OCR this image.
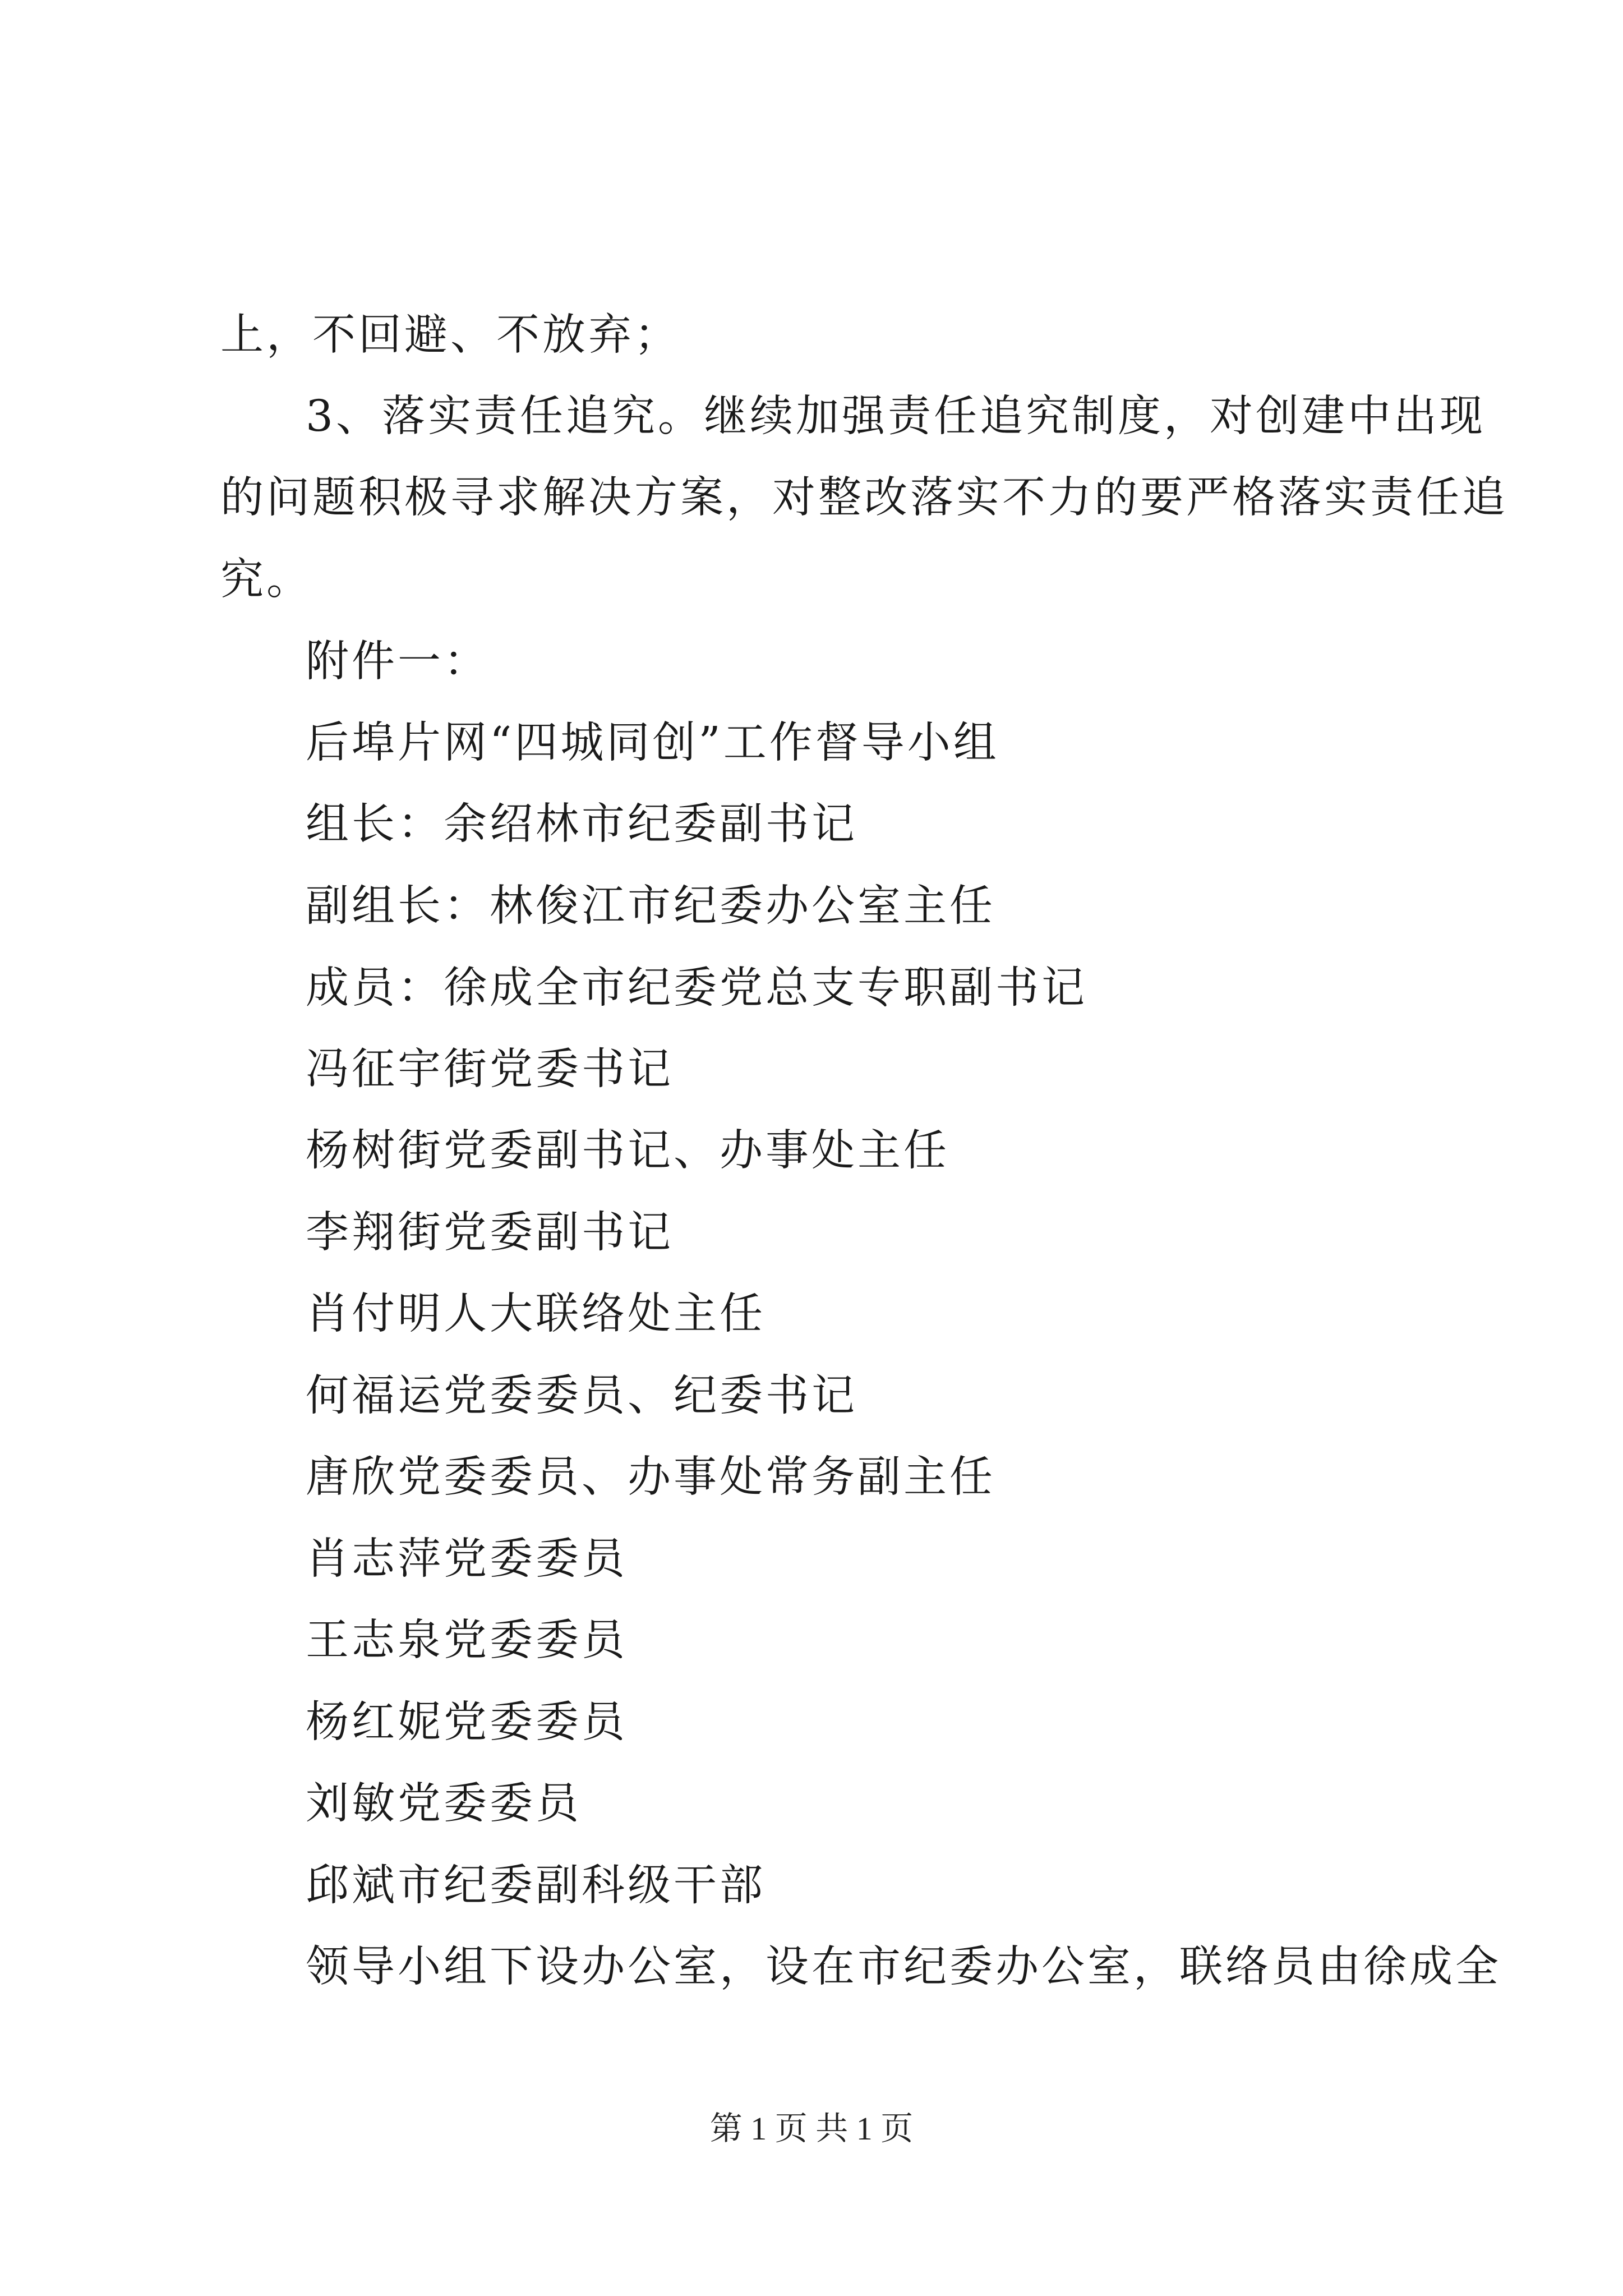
上，不回避、不放弃；
3、落实责任追究。继续加强责任追究制度，对创建中出现
的问题积极寻求解决方案，对整改落实不力的要严格落实责任追
究。
附件一：
后埠片网“四城同创”工作督导小组
组长：余绍林市纪委副书记
副组长：林俊江市纪委办公室主任
成员：徐成全市纪委党总支专职副书记
冯征宇街党委书记
杨树街党委副书记、办事处主任
李翔街党委副书记
肖付明人大联络处主任
何福运党委委员、纪委书记
唐欣党委委员、办事处常务副主任
肖志萍党委委员
王志泉党委委员
杨红妮党委委员
刘敏党委委员
邱斌市纪委副科级干部
领导小组下设办公室，设在市纪委办公室，联络员由徐成全
第 1 页 共 1 页
